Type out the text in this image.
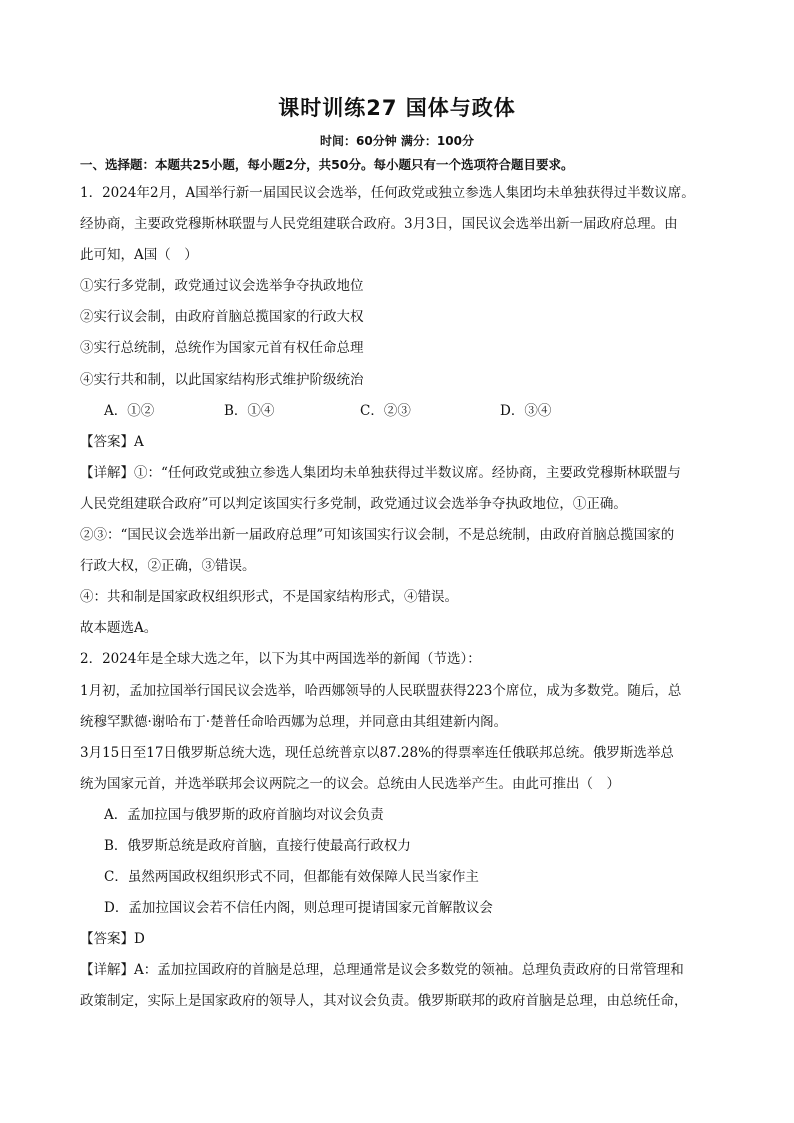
课时训练27 国体与政体
时间：60分钟 满分：100分
一、选择题：本题共25小题，每小题2分，共50分。每小题只有一个选项符合题目要求。
1．2024年2月，A国举行新一届国民议会选举，任何政党或独立参选人集团均未单独获得过半数议席。
经协商，主要政党穆斯林联盟与人民党组建联合政府。3月3日，国民议会选举出新一届政府总理。由
此可知，A国（　）
①实行多党制，政党通过议会选举争夺执政地位
②实行议会制，由政府首脑总揽国家的行政大权
③实行总统制，总统作为国家元首有权任命总理
④实行共和制，以此国家结构形式维护阶级统治
A．①②	B．①④	C．②③	D．③④
【答案】A
【详解】①：“任何政党或独立参选人集团均未单独获得过半数议席。经协商，主要政党穆斯林联盟与
人民党组建联合政府”可以判定该国实行多党制，政党通过议会选举争夺执政地位，①正确。
②③：“国民议会选举出新一届政府总理”可知该国实行议会制，不是总统制，由政府首脑总揽国家的
行政大权，②正确，③错误。
④：共和制是国家政权组织形式，不是国家结构形式，④错误。
故本题选A。
2．2024年是全球大选之年，以下为其中两国选举的新闻（节选）：
1月初，孟加拉国举行国民议会选举，哈西娜领导的人民联盟获得223个席位，成为多数党。随后，总
统穆罕默德·谢哈布丁·楚普任命哈西娜为总理，并同意由其组建新内阁。
3月15日至17日俄罗斯总统大选，现任总统普京以87.28%的得票率连任俄联邦总统。俄罗斯选举总
统为国家元首，并选举联邦会议两院之一的议会。总统由人民选举产生。由此可推出（　）
A．孟加拉国与俄罗斯的政府首脑均对议会负责
B．俄罗斯总统是政府首脑，直接行使最高行政权力
C．虽然两国政权组织形式不同，但都能有效保障人民当家作主
D．孟加拉国议会若不信任内阁，则总理可提请国家元首解散议会
【答案】D
【详解】A：孟加拉国政府的首脑是总理，总理通常是议会多数党的领袖。总理负责政府的日常管理和
政策制定，实际上是国家政府的领导人，其对议会负责。俄罗斯联邦的政府首脑是总理，由总统任命，
